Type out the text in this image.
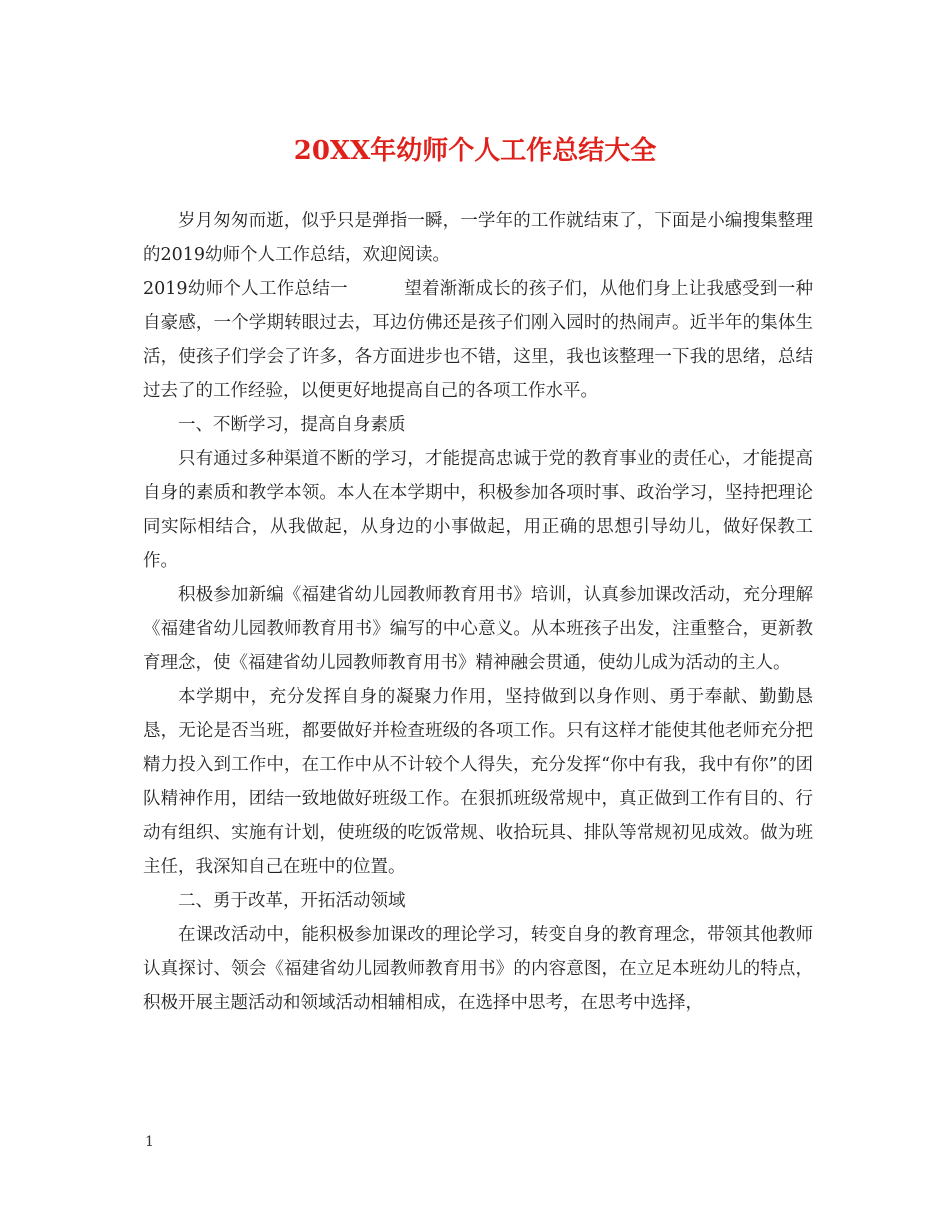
20XX年幼师个人工作总结大全

岁月匆匆而逝，似乎只是弹指一瞬，一学年的工作就结束了，下面是小编搜集整理的2019幼师个人工作总结，欢迎阅读。

2019幼师个人工作总结一	望着渐渐成长的孩子们，从他们身上让我感受到一种自豪感，一个学期转眼过去，耳边仿佛还是孩子们刚入园时的热闹声。近半年的集体生活，使孩子们学会了许多，各方面进步也不错，这里，我也该整理一下我的思绪，总结过去了的工作经验，以便更好地提高自己的各项工作水平。

一、不断学习，提高自身素质

只有通过多种渠道不断的学习，才能提高忠诚于党的教育事业的责任心，才能提高自身的素质和教学本领。本人在本学期中，积极参加各项时事、政治学习，坚持把理论同实际相结合，从我做起，从身边的小事做起，用正确的思想引导幼儿，做好保教工作。

积极参加新编《福建省幼儿园教师教育用书》培训，认真参加课改活动，充分理解《福建省幼儿园教师教育用书》编写的中心意义。从本班孩子出发，注重整合，更新教育理念，使《福建省幼儿园教师教育用书》精神融会贯通，使幼儿成为活动的主人。

本学期中，充分发挥自身的凝聚力作用，坚持做到以身作则、勇于奉献、勤勤恳恳，无论是否当班，都要做好并检查班级的各项工作。只有这样才能使其他老师充分把精力投入到工作中，在工作中从不计较个人得失，充分发挥“你中有我，我中有你”的团队精神作用，团结一致地做好班级工作。在狠抓班级常规中，真正做到工作有目的、行动有组织、实施有计划，使班级的吃饭常规、收拾玩具、排队等常规初见成效。做为班主任，我深知自己在班中的位置。

二、勇于改革，开拓活动领域

在课改活动中，能积极参加课改的理论学习，转变自身的教育理念，带领其他教师认真探讨、领会《福建省幼儿园教师教育用书》的内容意图，在立足本班幼儿的特点，积极开展主题活动和领域活动相辅相成，在选择中思考，在思考中选择，

1
